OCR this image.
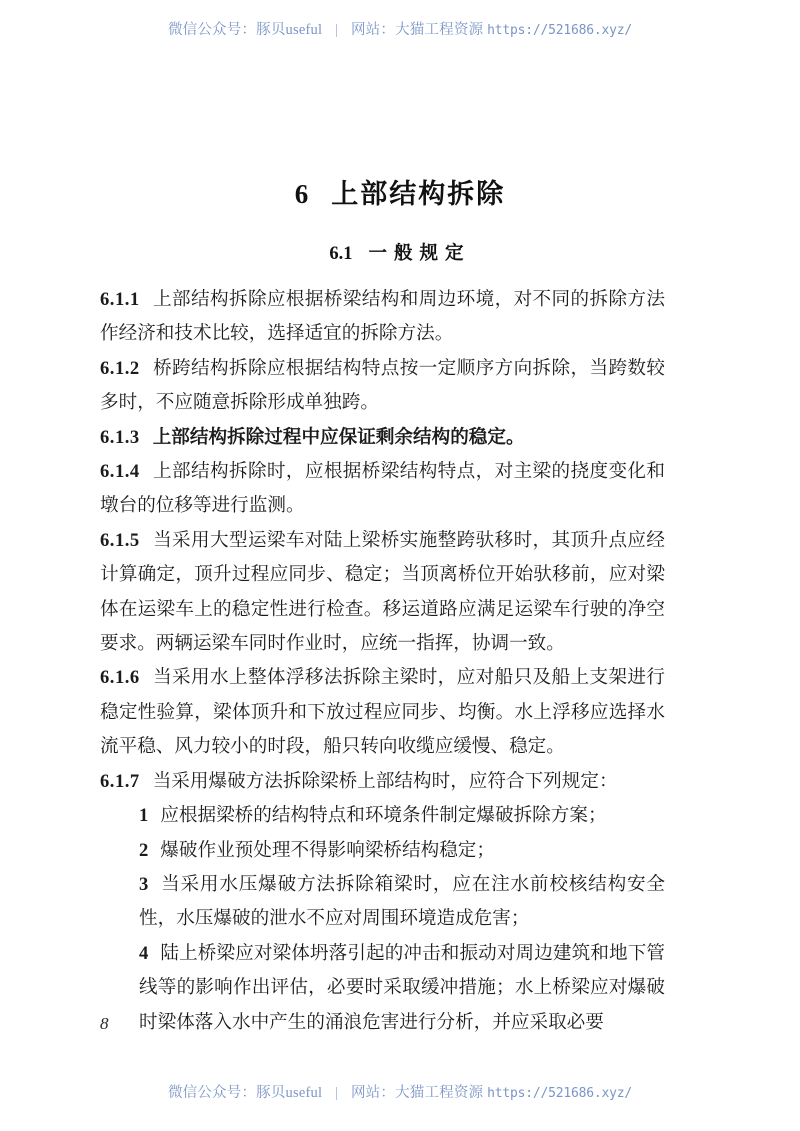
微信公众号：豚贝useful | 网站：大猫工程资源 https://521686.xyz/
6 上部结构拆除
6.1 一般规定

6.1.1 上部结构拆除应根据桥梁结构和周边环境，对不同的拆除方法作经济和技术比较，选择适宜的拆除方法。

6.1.2 桥跨结构拆除应根据结构特点按一定顺序方向拆除，当跨数较多时，不应随意拆除形成单独跨。

6.1.3 上部结构拆除过程中应保证剩余结构的稳定。

6.1.4 上部结构拆除时，应根据桥梁结构特点，对主梁的挠度变化和墩台的位移等进行监测。

6.1.5 当采用大型运梁车对陆上梁桥实施整跨驮移时，其顶升点应经计算确定，顶升过程应同步、稳定；当顶离桥位开始驮移前，应对梁体在运梁车上的稳定性进行检查。移运道路应满足运梁车行驶的净空要求。两辆运梁车同时作业时，应统一指挥，协调一致。

6.1.6 当采用水上整体浮移法拆除主梁时，应对船只及船上支架进行稳定性验算，梁体顶升和下放过程应同步、均衡。水上浮移应选择水流平稳、风力较小的时段，船只转向收缆应缓慢、稳定。

6.1.7 当采用爆破方法拆除梁桥上部结构时，应符合下列规定：

1 应根据梁桥的结构特点和环境条件制定爆破拆除方案；

2 爆破作业预处理不得影响梁桥结构稳定；

3 当采用水压爆破方法拆除箱梁时，应在注水前校核结构安全性，水压爆破的泄水不应对周围环境造成危害；

4 陆上桥梁应对梁体坍落引起的冲击和振动对周边建筑和地下管线等的影响作出评估，必要时采取缓冲措施；水上桥梁应对爆破时梁体落入水中产生的涌浪危害进行分析，并应采取必要

8
微信公众号：豚贝useful | 网站：大猫工程资源 https://521686.xyz/
